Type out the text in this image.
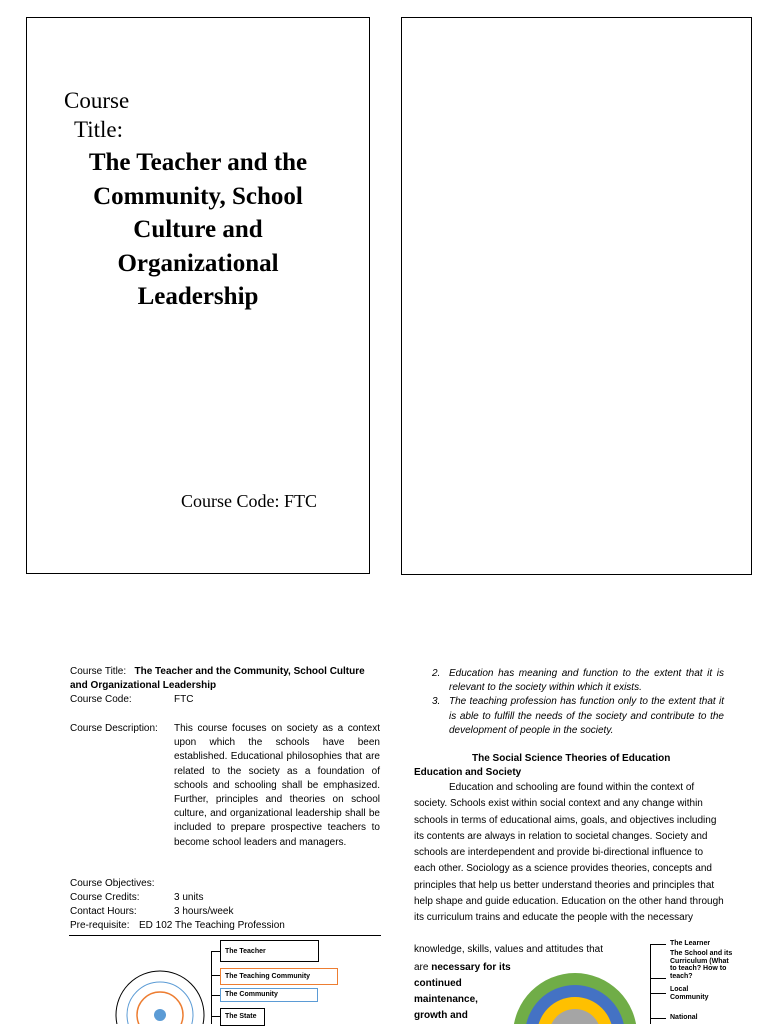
Course
Title:
The Teacher and the Community, School Culture and Organizational Leadership
Course Code: FTC
Course Title: The Teacher and the Community, School Culture
and Organizational Leadership
Course Code:	FTC
Course Description: This course focuses on society as a context upon which the schools have been established. Educational philosophies that are related to the society as a foundation of schools and schooling shall be emphasized. Further, principles and theories on school culture, and organizational leadership shall be included to prepare prospective teachers to become school leaders and managers.
Course Objectives:
Course Credits:	3 units
Contact Hours:	3 hours/week
Pre-requisite: ED 102 The Teaching Profession
The Teacher
The Teaching Community
The Community
The State
2. Education has meaning and function to the extent that it is relevant to the society within which it exists.
3. The teaching profession has function only to the extent that it is able to fulfill the needs of the society and contribute to the development of people in the society.
The Social Science Theories of Education
Education and Society

Education and schooling are found within the context of society. Schools exist within social context and any change within schools in terms of educational aims, goals, and objectives including its contents are always in relation to societal changes. Society and schools are interdependent and provide bi-directional influence to each other. Sociology as a science provides theories, concepts and principles that help us better understand theories and principles that help shape and guide education. Education on the other hand through its curriculum trains and educate the people with the necessary

knowledge, skills, values and attitudes that
are necessary for its
continued
maintenance,
growth and
The Learner
The School and its Curriculum (What to teach? How to teach?
Local Community
National
